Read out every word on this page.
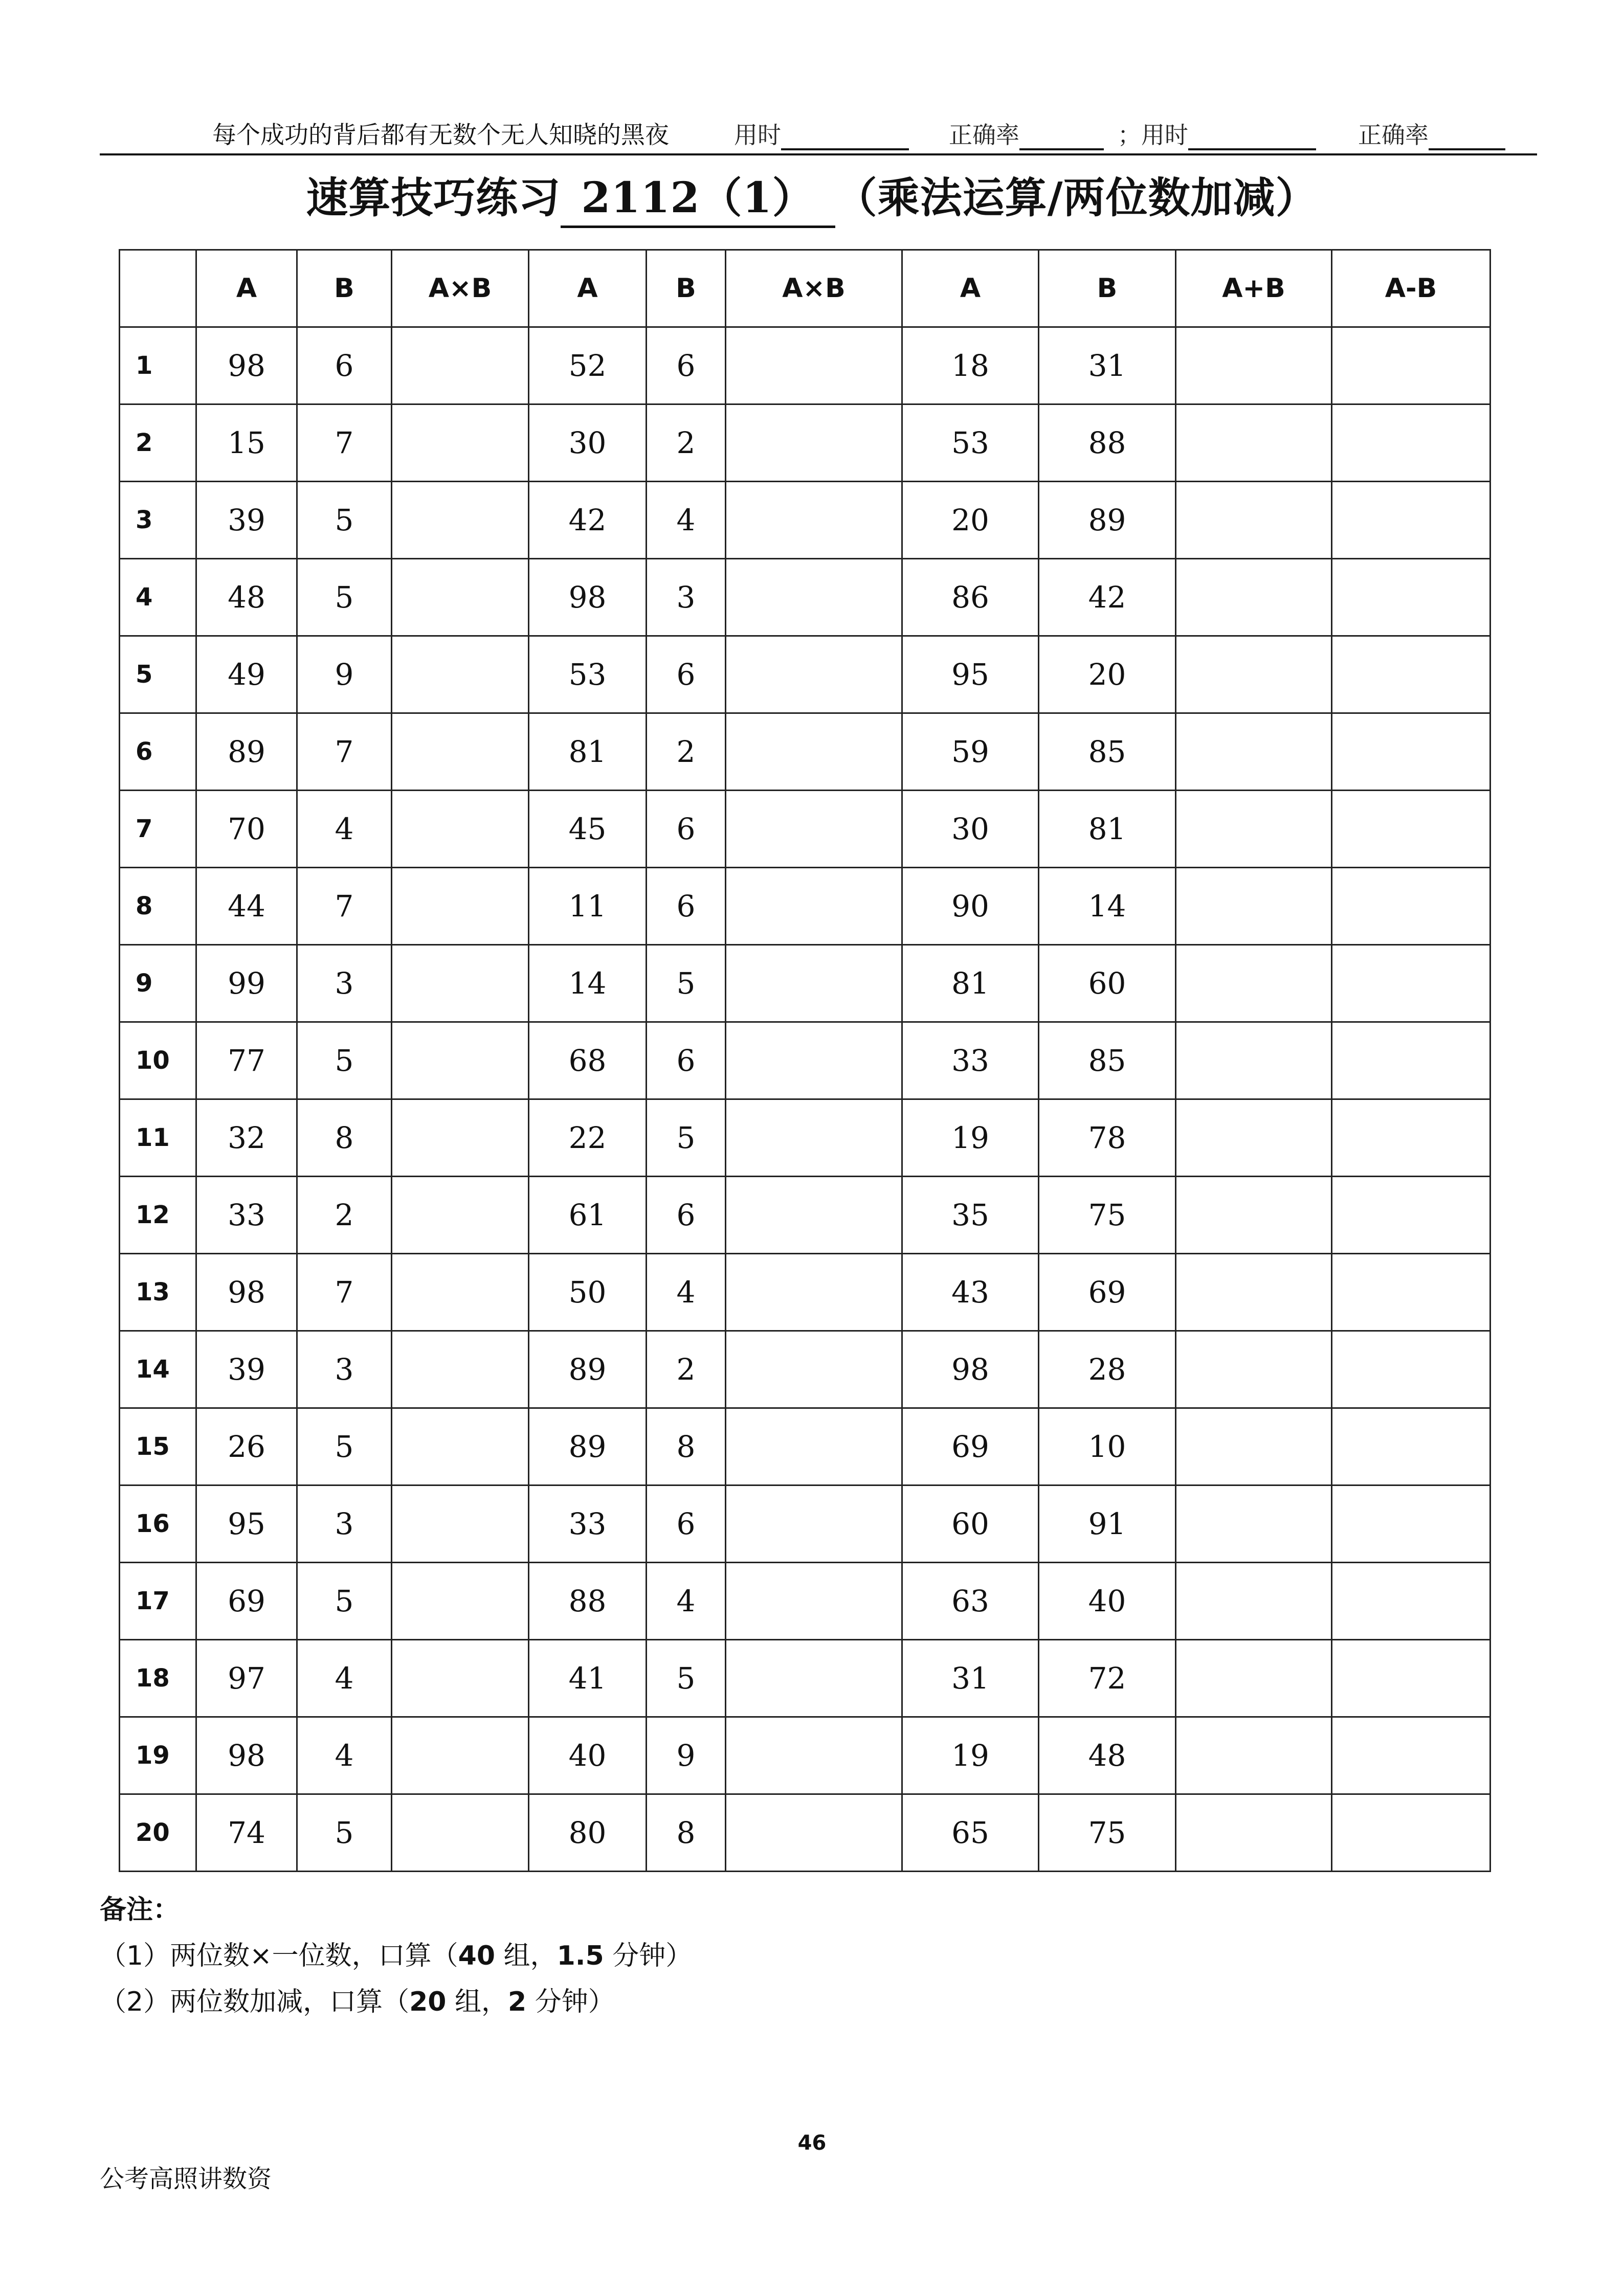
每个成功的背后都有无数个无人知晓的黑夜	用时	正确率	；用时	正确率
速算技巧练习 2112（1） （乘法运算/两位数加减）
	A	B	A×B	A	B	A×B	A	B	A+B	A-B
1	98	6		52	6		18	31		
2	15	7		30	2		53	88		
3	39	5		42	4		20	89		
4	48	5		98	3		86	42		
5	49	9		53	6		95	20		
6	89	7		81	2		59	85		
7	70	4		45	6		30	81		
8	44	7		11	6		90	14		
9	99	3		14	5		81	60		
10	77	5		68	6		33	85		
11	32	8		22	5		19	78		
12	33	2		61	6		35	75		
13	98	7		50	4		43	69		
14	39	3		89	2		98	28		
15	26	5		89	8		69	10		
16	95	3		33	6		60	91		
17	69	5		88	4		63	40		
18	97	4		41	5		31	72		
19	98	4		40	9		19	48		
20	74	5		80	8		65	75		
备注：
（1）两位数×一位数，口算（40 组，1.5 分钟）
（2）两位数加减，口算（20 组，2 分钟）
46
公考高照讲数资
